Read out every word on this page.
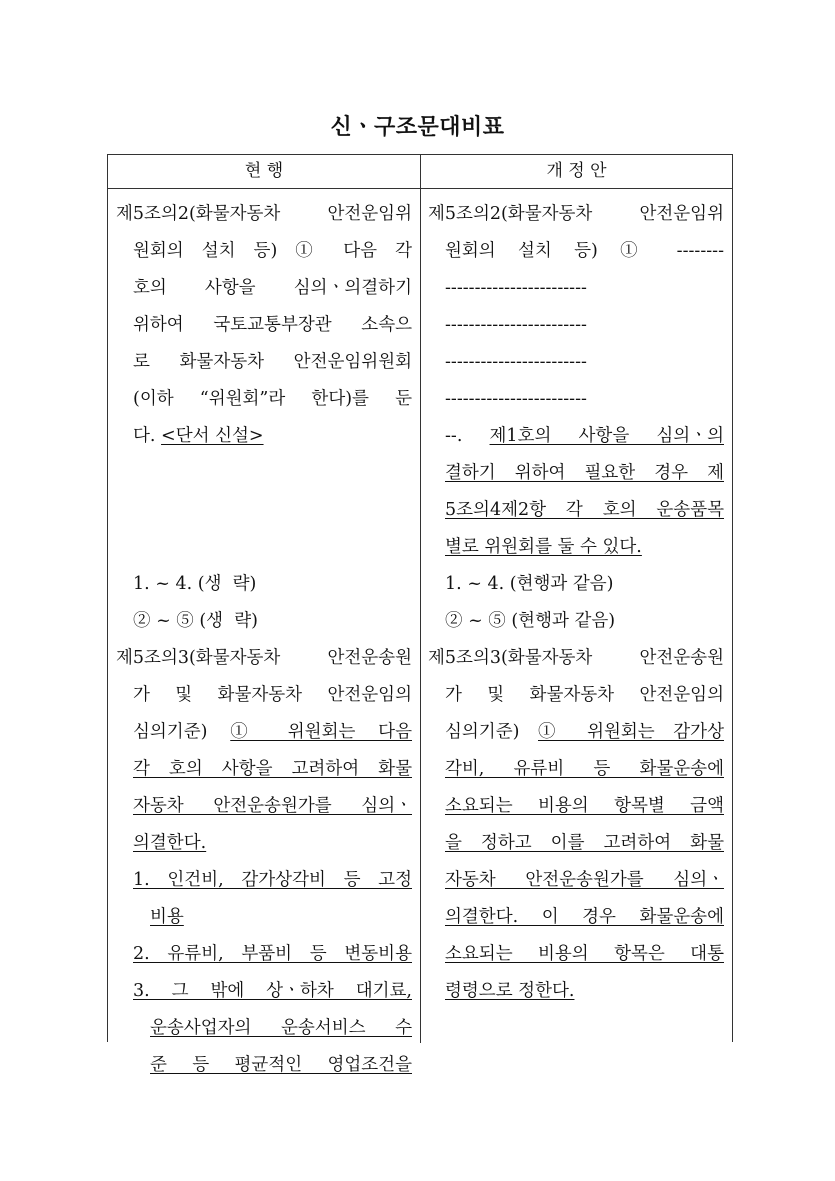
신ㆍ구조문대비표
현 행	개 정 안
제5조의2(화물자동차 안전운임위
원회의 설치 등) ① 다음 각
호의 사항을 심의ㆍ의결하기
위하여 국토교통부장관 소속으
로 화물자동차 안전운임위원회
(이하 “위원회”라 한다)를 둔
다. <단서 신설>
1. ~ 4. (생  략)
② ~ ⑤ (생  략)
제5조의3(화물자동차 안전운송원
가 및 화물자동차 안전운임의
심의기준) ① 위원회는 다음
각 호의 사항을 고려하여 화물
자동차 안전운송원가를 심의ㆍ
의결한다.
1. 인건비, 감가상각비 등 고정
비용
2. 유류비, 부품비 등 변동비용
3. 그 밖에 상ㆍ하차 대기료,
운송사업자의 운송서비스 수
준 등 평균적인 영업조건을
제5조의2(화물자동차 안전운임위
원회의 설치 등) ① --------
------------------------
------------------------
------------------------
------------------------
--. 제1호의 사항을 심의ㆍ의
결하기 위하여 필요한 경우 제
5조의4제2항 각 호의 운송품목
별로 위원회를 둘 수 있다.
1. ~ 4. (현행과 같음)
② ~ ⑤ (현행과 같음)
제5조의3(화물자동차 안전운송원
가 및 화물자동차 안전운임의
심의기준) ① 위원회는 감가상
각비, 유류비 등 화물운송에
소요되는 비용의 항목별 금액
을 정하고 이를 고려하여 화물
자동차 안전운송원가를 심의ㆍ
의결한다. 이 경우 화물운송에
소요되는 비용의 항목은 대통
령령으로 정한다.
